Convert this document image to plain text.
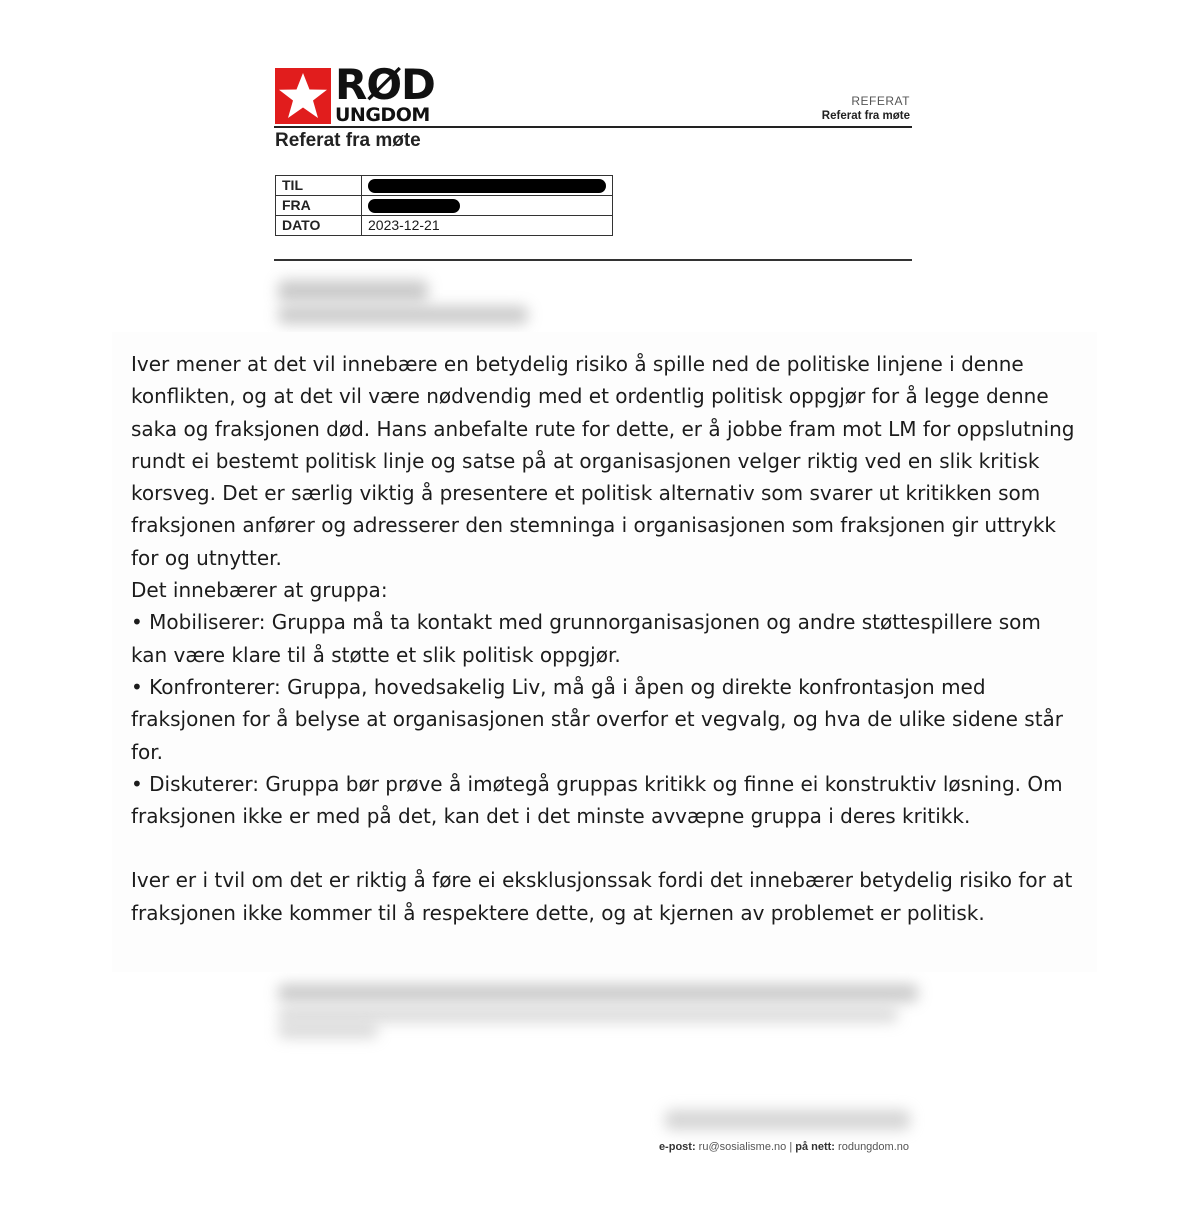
RØD
UNGDOM
REFERAT
Referat fra møte
Referat fra møte
TIL	
FRA	
DATO	2023-12-21
e-post: ru@sosialisme.no | på nett: rodungdom.no

Iver mener at det vil innebære en betydelig risiko å spille ned de politiske linjene i denne konflikten, og at det vil være nødvendig med et ordentlig politisk oppgjør for å legge denne saka og fraksjonen død. Hans anbefalte rute for dette, er å jobbe fram mot LM for oppslutning rundt ei bestemt politisk linje og satse på at organisasjonen velger riktig ved en slik kritisk korsveg. Det er særlig viktig å presentere et politisk alternativ som svarer ut kritikken som fraksjonen anfører og adresserer den stemninga i organisasjonen som fraksjonen gir uttrykk for og utnytter.

Det innebærer at gruppa:

• Mobiliserer: Gruppa må ta kontakt med grunnorganisasjonen og andre støttespillere som kan være klare til å støtte et slik politisk oppgjør.

• Konfronterer: Gruppa, hovedsakelig Liv, må gå i åpen og direkte konfrontasjon med fraksjonen for å belyse at organisasjonen står overfor et vegvalg, og hva de ulike sidene står for.

• Diskuterer: Gruppa bør prøve å imøtegå gruppas kritikk og finne ei konstruktiv løsning. Om fraksjonen ikke er med på det, kan det i det minste avvæpne gruppa i deres kritikk.

Iver er i tvil om det er riktig å føre ei eksklusjonssak fordi det innebærer betydelig risiko for at fraksjonen ikke kommer til å respektere dette, og at kjernen av problemet er politisk.
